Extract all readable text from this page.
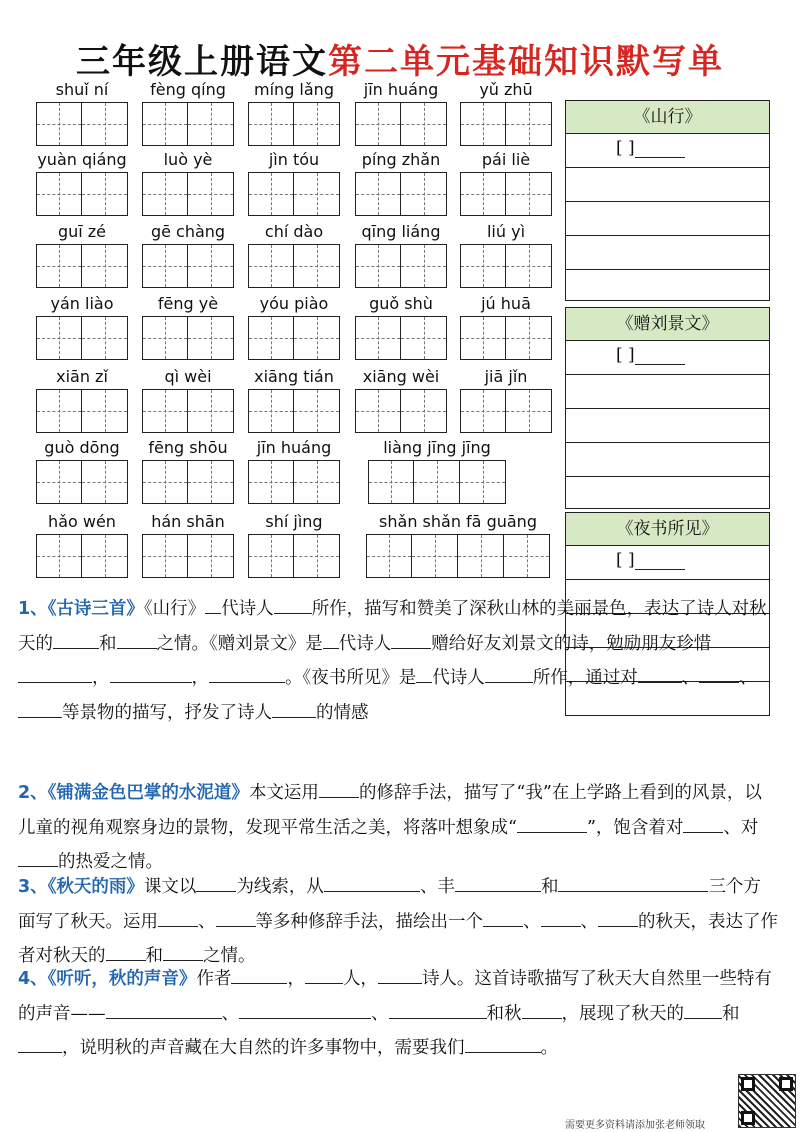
三年级上册语文第二单元基础知识默写单
shuǐ ní	fèng qíng	míng lǎng	jīn huáng	yǔ zhū
yuàn qiáng	luò yè	jìn tóu	píng zhǎn	pái liè
guī zé	gē chàng	chí dào	qīng liáng	liú yì
yán liào	fēng yè	yóu piào	guǒ shù	jú huā
xiān zǐ	qì wèi	xiāng tián	xiāng wèi	jiā jǐn
guò dōng	fēng shōu	jīn huáng	liàng jīng jīng
hǎo wén	hán shān	shí jìng	shǎn shǎn fā guāng
《山行》
[ ]
《赠刘景文》
[ ]
《夜书所见》
[ ]
1、《古诗三首》《山行》 代诗人 所作，描写和赞美了深秋山林的美丽景色，表达了诗人对秋天的	和 之情。《赠刘景文》是 代诗人 赠给好友刘景文的诗，勉励朋友珍惜，	，	。《夜书所见》是 代诗人	所作，通过对	、 、等景物的描写，抒发了诗人	的情感
2、《铺满金色巴掌的水泥道》本文运用 的修辞手法，描写了“我”在上学路上看到的风景，以儿童的视角观察身边的景物，发现平常生活之美，将落叶想象成“	”，饱含着对 、对的热爱之情。
3、《秋天的雨》课文以 为线索，从	、丰	和	三个方面写了秋天。运用 、 等多种修辞手法，描绘出一个 、 、 的秋天，表达了作者对秋天的 和 之情。
4、《听听，秋的声音》作者	， 人，	诗人。这首诗歌描写了秋天大自然里一些特有的声音——	、	、	和秋 ，展现了秋天的 和，说明秋的声音藏在大自然的许多事物中，需要我们	。
需要更多资料请添加张老师领取
